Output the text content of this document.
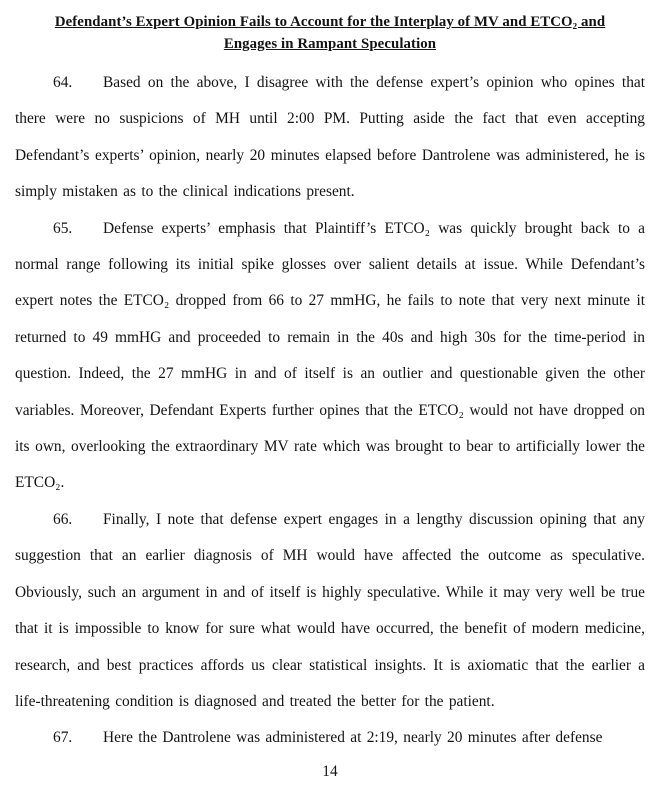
Defendant’s Expert Opinion Fails to Account for the Interplay of MV and ETCO₂ and Engages in Rampant Speculation

64. Based on the above, I disagree with the defense expert’s opinion who opines that there were no suspicions of MH until 2:00 PM. Putting aside the fact that even accepting Defendant’s experts’ opinion, nearly 20 minutes elapsed before Dantrolene was administered, he is simply mistaken as to the clinical indications present.

65. Defense experts’ emphasis that Plaintiff’s ETCO₂ was quickly brought back to a normal range following its initial spike glosses over salient details at issue. While Defendant’s expert notes the ETCO₂ dropped from 66 to 27 mmHG, he fails to note that very next minute it returned to 49 mmHG and proceeded to remain in the 40s and high 30s for the time-period in question. Indeed, the 27 mmHG in and of itself is an outlier and questionable given the other variables. Moreover, Defendant Experts further opines that the ETCO₂ would not have dropped on its own, overlooking the extraordinary MV rate which was brought to bear to artificially lower the ETCO₂.

66. Finally, I note that defense expert engages in a lengthy discussion opining that any suggestion that an earlier diagnosis of MH would have affected the outcome as speculative. Obviously, such an argument in and of itself is highly speculative. While it may very well be true that it is impossible to know for sure what would have occurred, the benefit of modern medicine, research, and best practices affords us clear statistical insights. It is axiomatic that the earlier a life-threatening condition is diagnosed and treated the better for the patient.

67. Here the Dantrolene was administered at 2:19, nearly 20 minutes after defense

14
